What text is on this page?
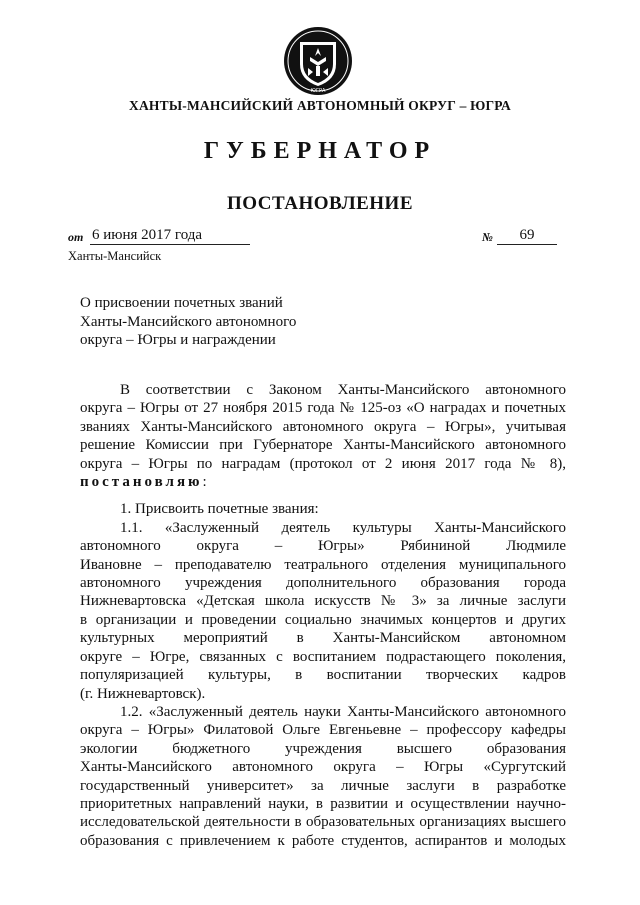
ЮГРА
ХАНТЫ-МАНСИЙСКИЙ АВТОНОМНЫЙ ОКРУГ – ЮГРА
ГУБЕРНАТОР
ПОСТАНОВЛЕНИЕ
от 6 июня 2017 года	№	69
Ханты-Мансийск
О присвоении почетных званий
Ханты-Мансийского автономного
округа – Югры и награждении

В соответствии с Законом Ханты-Мансийского автономного

округа – Югры от 27 ноября 2015 года № 125-оз «О наградах и почетных

званиях Ханты-Мансийского автономного округа – Югры», учитывая

решение Комиссии при Губернаторе Ханты-Мансийского автономного

округа – Югры по наградам (протокол от 2 июня 2017 года № 8),

постановляю:

1. Присвоить почетные звания:

1.1. «Заслуженный деятель культуры Ханты-Мансийского

автономного округа – Югры» Рябининой Людмиле

Ивановне – преподавателю театрального отделения муниципального

автономного учреждения дополнительного образования города

Нижневартовска «Детская школа искусств № 3» за личные заслуги

в организации и проведении социально значимых концертов и других

культурных мероприятий в Ханты-Мансийском автономном

округе – Югре, связанных с воспитанием подрастающего поколения,

популяризацией культуры, в воспитании творческих кадров

(г. Нижневартовск).

1.2. «Заслуженный деятель науки Ханты-Мансийского автономного

округа – Югры» Филатовой Ольге Евгеньевне – профессору кафедры

экологии бюджетного учреждения высшего образования

Ханты-Мансийского автономного округа – Югры «Сургутский

государственный университет» за личные заслуги в разработке

приоритетных направлений науки, в развитии и осуществлении научно-

исследовательской деятельности в образовательных организациях высшего

образования с привлечением к работе студентов, аспирантов и молодых
